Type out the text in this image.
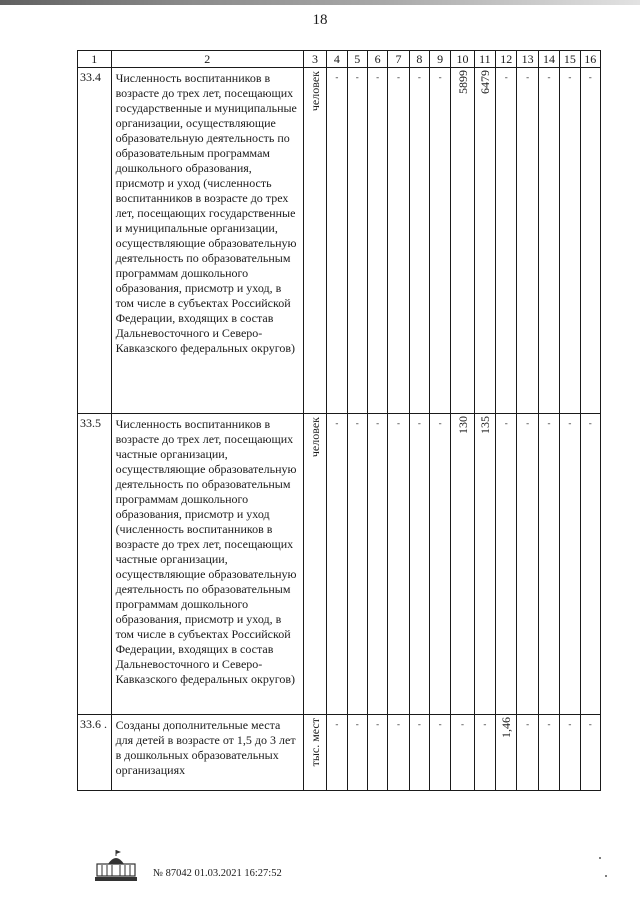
18
1	2	3	4	5	6	7	8	9	10	11	12	13	14	15	16
33.4	Численность воспитанников в возрасте до трех лет, посещающих государственные и муниципальные организации, осуществляющие образовательную деятельность по образовательным программам дошкольного образования, присмотр и уход (численность воспитанников в возрасте до трех лет, посещающих государственные и муниципальные организации, осуществляющие образовательную деятельность по образовательным программам дошкольного образования, присмотр и уход, в том числе в субъектах Российской Федерации, входящих в состав Дальневосточного и Северо-Кавказского федеральных округов)	человек	-	-	-	-	-	-	5899	6479	-	-	-	-	-

33.5	Численность воспитанников в возрасте до трех лет, посещающих частные организации, осуществляющие образовательную деятельность по образовательным программам дошкольного образования, присмотр и уход (численность воспитанников в возрасте до трех лет, посещающих частные организации, осуществляющие образовательную деятельность по образовательным программам дошкольного образования, присмотр и уход, в том числе в субъектах Российской Федерации, входящих в состав Дальневосточного и Северо-Кавказского федеральных округов)	человек	-	-	-	-	-	-	130	135	-	-	-	-	-

33.6 .	Созданы дополнительные места для детей в возрасте от 1,5 до 3 лет в дошкольных образовательных организациях	тыс. мест	-	-	-	-	-	-	-	-	1,46	-	-	-	-
№ 87042 01.03.2021 16:27:52
